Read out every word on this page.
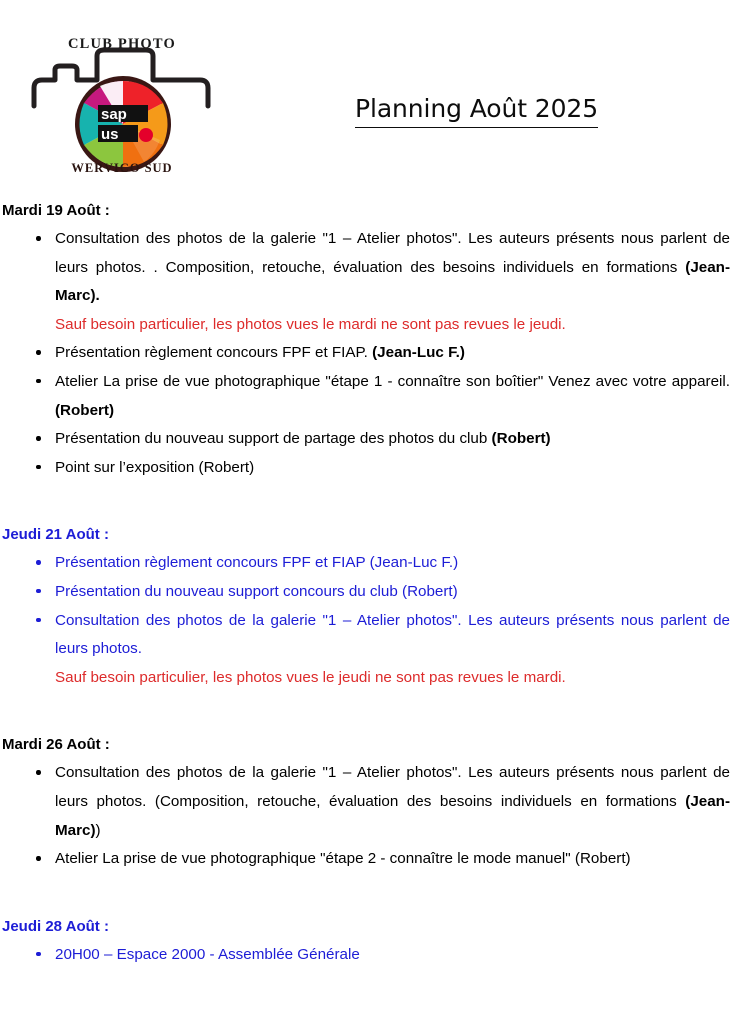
CLUB PHOTO
sap
us
WERVICO SUD
Planning Août 2025
Mardi 19 Août :
Consultation des photos de la galerie "1 – Atelier photos". Les auteurs présents nous parlent de leurs photos. . Composition, retouche, évaluation des besoins individuels en formations (Jean-Marc).
Sauf besoin particulier, les photos vues le mardi ne sont pas revues le jeudi.
Présentation règlement concours FPF et FIAP. (Jean-Luc F.)
Atelier La prise de vue photographique "étape 1 - connaître son boîtier" Venez avec votre appareil. (Robert)
Présentation du nouveau support de partage des photos du club (Robert)
Point sur l’exposition (Robert)
Jeudi 21 Août :
Présentation règlement concours FPF et FIAP (Jean-Luc F.)
Présentation du nouveau support concours du club (Robert)
Consultation des photos de la galerie "1 – Atelier photos". Les auteurs présents nous parlent de leurs photos.
Sauf besoin particulier, les photos vues le jeudi ne sont pas revues le mardi.
Mardi 26 Août :
Consultation des photos de la galerie "1 – Atelier photos". Les auteurs présents nous parlent de leurs photos. (Composition, retouche, évaluation des besoins individuels en formations (Jean-Marc))
Atelier La prise de vue photographique "étape 2 - connaître le mode manuel" (Robert)
Jeudi 28 Août :
20H00 – Espace 2000 - Assemblée Générale
